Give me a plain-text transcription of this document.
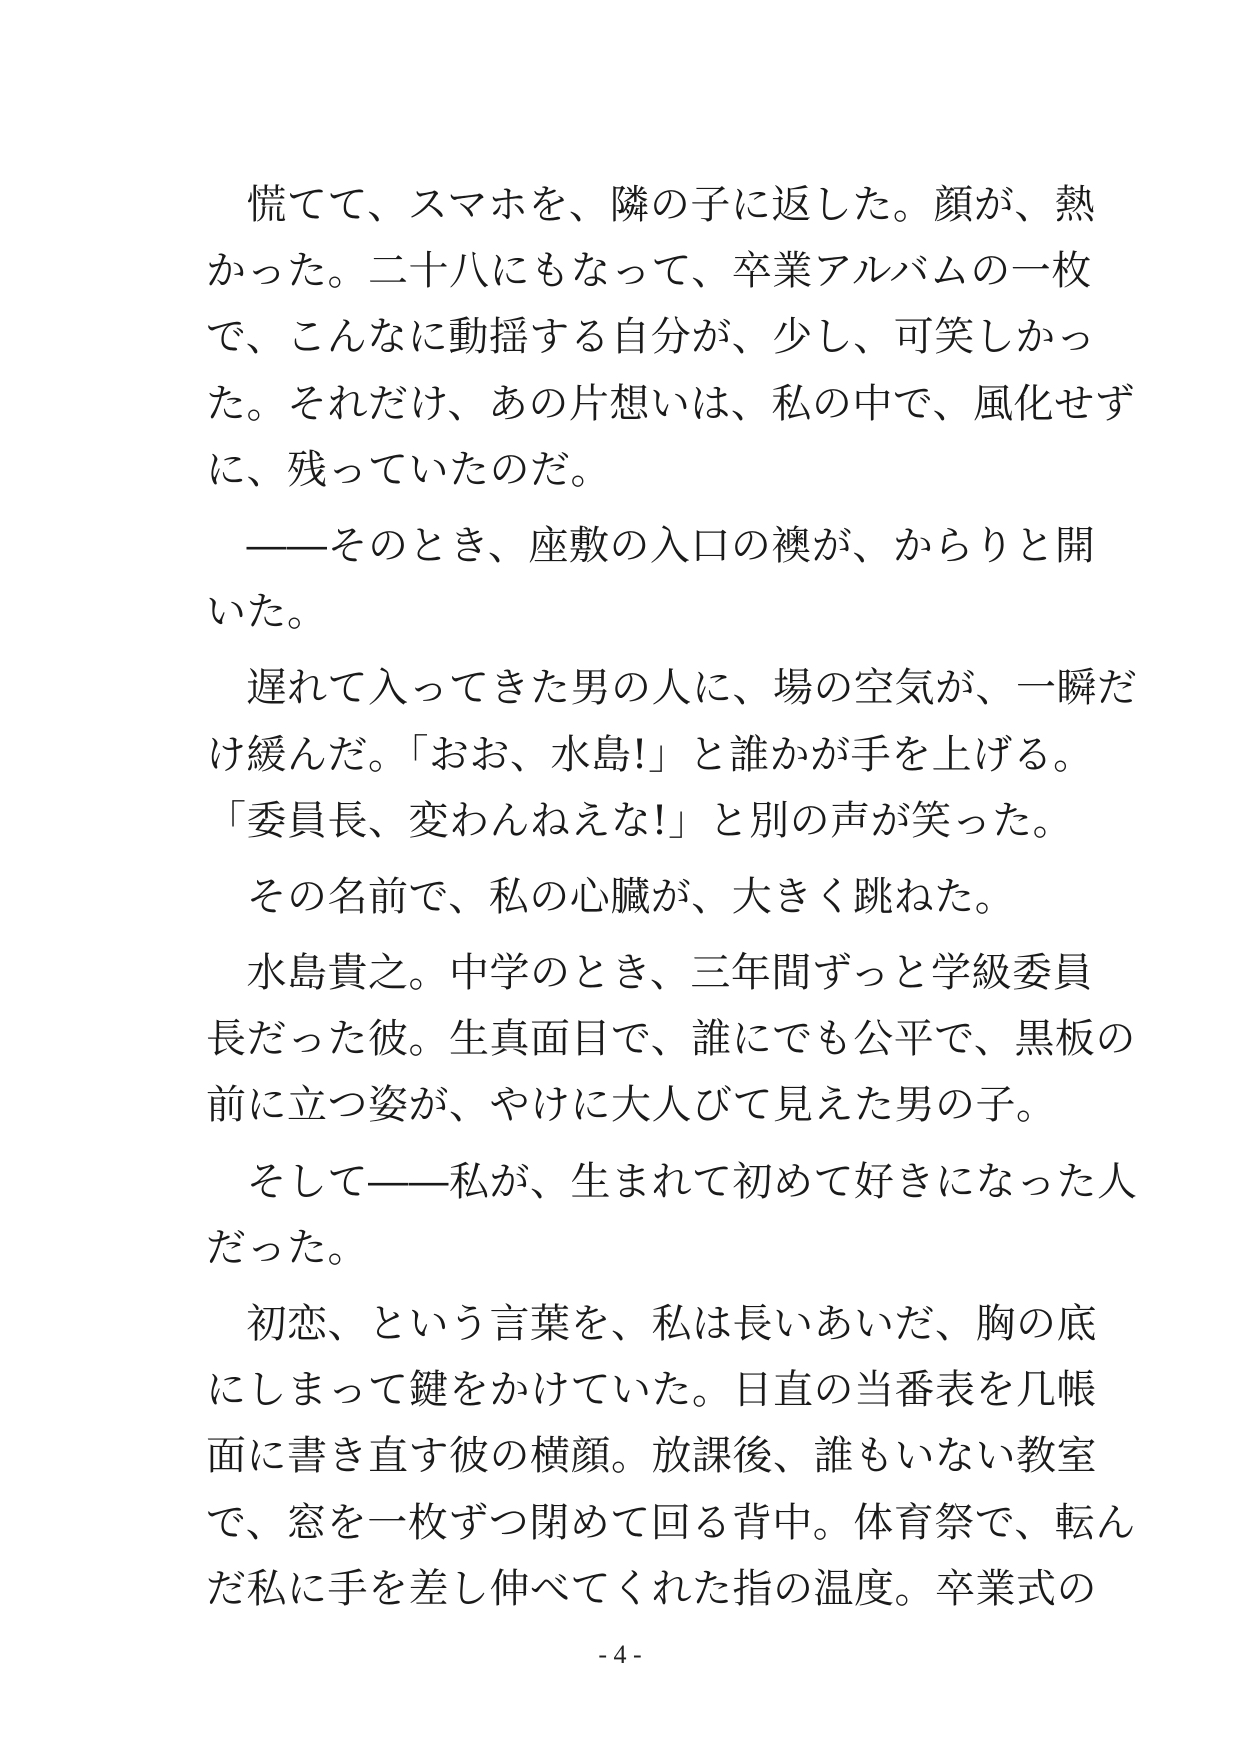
　慌てて、スマホを、隣の子に返した。顔が、熱
かった。二十八にもなって、卒業アルバムの一枚
で、こんなに動揺する自分が、少し、可笑しかっ
た。それだけ、あの片想いは、私の中で、風化せず
に、残っていたのだ。

　――そのとき、座敷の入口の襖が、からりと開
いた。

　遅れて入ってきた男の人に、場の空気が、一瞬だ
け緩んだ。「おお、水島!」と誰かが手を上げる。
「委員長、変わんねえな!」と別の声が笑った。

　その名前で、私の心臓が、大きく跳ねた。

　水島貴之。中学のとき、三年間ずっと学級委員
長だった彼。生真面目で、誰にでも公平で、黒板の
前に立つ姿が、やけに大人びて見えた男の子。

　そして――私が、生まれて初めて好きになった人
だった。

　初恋、という言葉を、私は長いあいだ、胸の底
にしまって鍵をかけていた。日直の当番表を几帳
面に書き直す彼の横顔。放課後、誰もいない教室
で、窓を一枚ずつ閉めて回る背中。体育祭で、転ん
だ私に手を差し伸べてくれた指の温度。卒業式の

- 4 -
